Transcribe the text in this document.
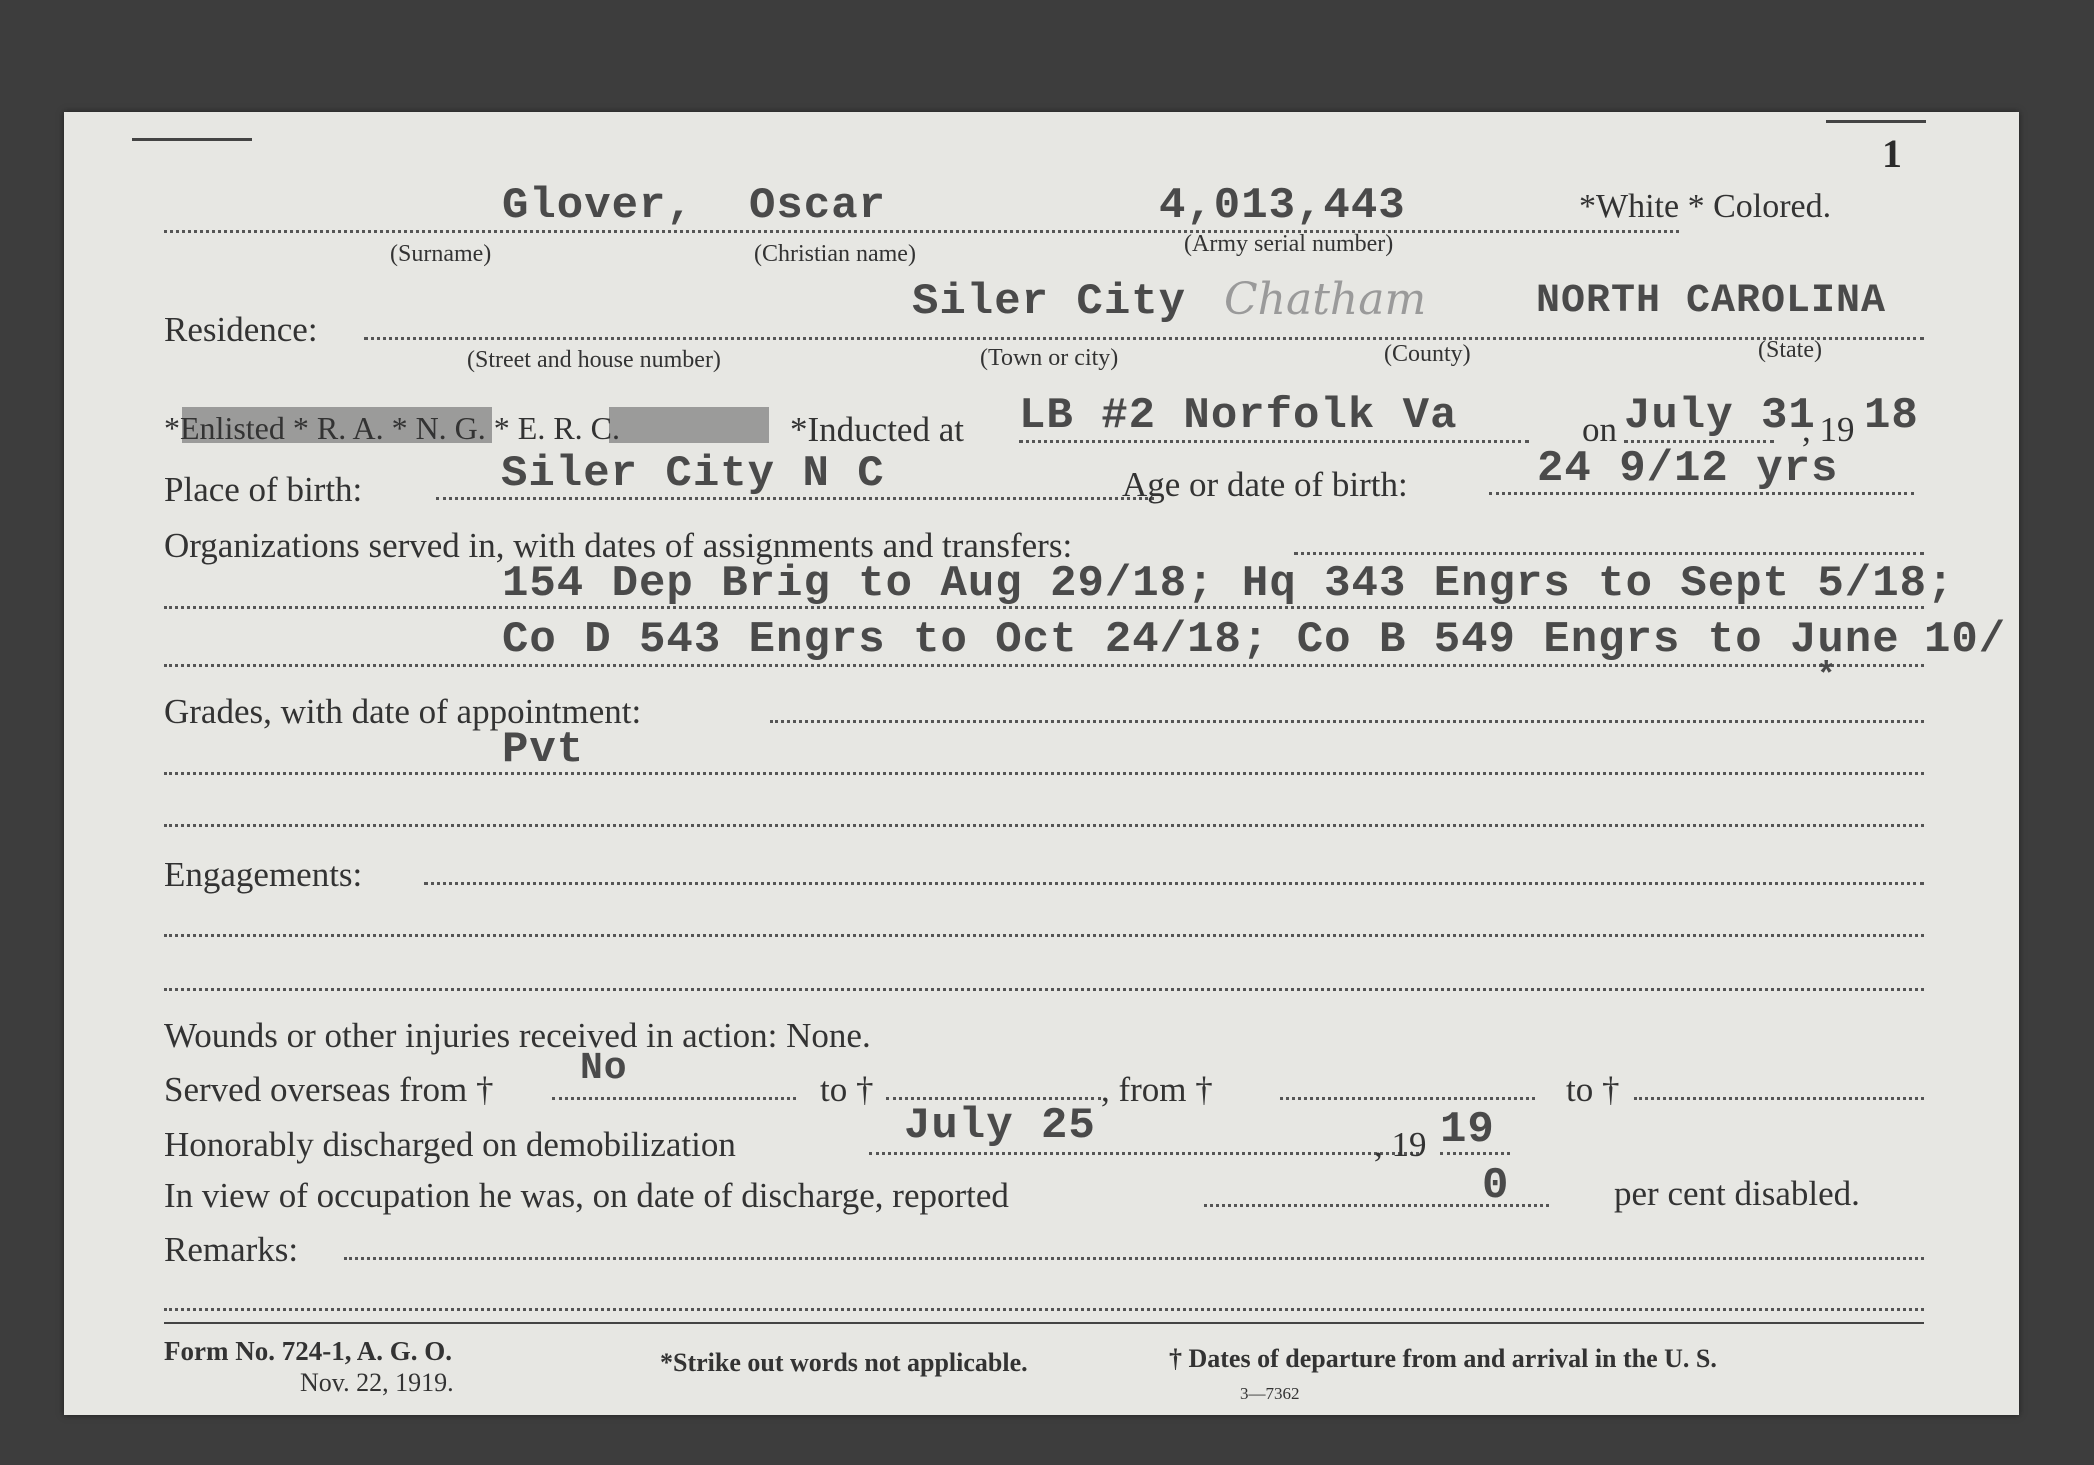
1
Glover, Oscar	4,013,443	*White * Colored.
(Surname)	(Christian name)	(Army serial number)
Residence:
Siler City Chatham	NORTH CAROLINA
(Street and house number)	(Town or city)	(County)	(State)
*Enlisted * R. A. * N. G. * E. R. C.	*Inducted at LB #2 Norfolk Va	on July 31
, 19 18
Place of birth:	Siler City N C	Age or date of birth:	24 9/12 yrs
Organizations served in, with dates of assignments and transfers:
154 Dep Brig to Aug 29/18; Hq 343 Engrs to Sept 5/18;
Co D 543 Engrs to Oct 24/18; Co B 549 Engrs to June 10/
*
Grades, with date of appointment:
Pvt
Engagements:
Wounds or other injuries received in action: None.
Served overseas from † No	to †	, from †	to †
Honorably discharged on demobilization	July 25	, 19 19
In view of occupation he was, on date of discharge, reported	0	per cent disabled.
Remarks:
Form No. 724-1, A. G. O.
Nov. 22, 1919.
*Strike out words not applicable.	† Dates of departure from and arrival in the U. S.
3—7362
